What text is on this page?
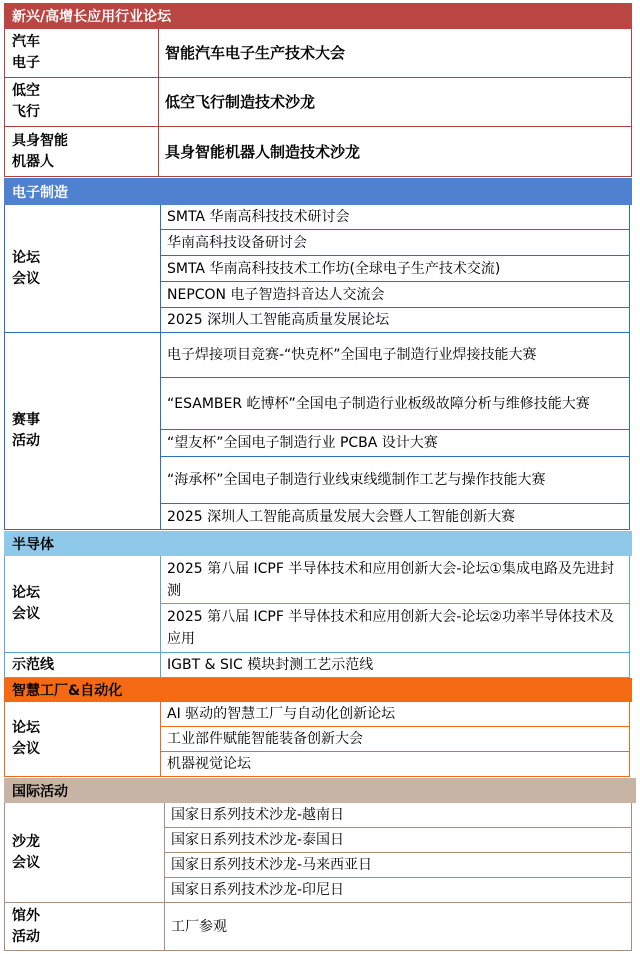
新兴/高增长应用行业论坛
汽车
电子
智能汽车电子生产技术大会
低空
飞行
低空飞行制造技术沙龙
具身智能
机器人
具身智能机器人制造技术沙龙
电子制造
论坛
会议
SMTA 华南高科技技术研讨会
华南高科技设备研讨会
SMTA 华南高科技技术工作坊(全球电子生产技术交流)
NEPCON 电子智造抖音达人交流会
2025 深圳人工智能高质量发展论坛
赛事
活动
电子焊接项目竞赛-“快克杯”全国电子制造行业焊接技能大赛
“ESAMBER 屹博杯”全国电子制造行业板级故障分析与维修技能大赛
“望友杯”全国电子制造行业 PCBA 设计大赛
“海承杯”全国电子制造行业线束线缆制作工艺与操作技能大赛
2025 深圳人工智能高质量发展大会暨人工智能创新大赛
半导体
论坛
会议
2025 第八届 ICPF 半导体技术和应用创新大会-论坛①集成电路及先进封测
2025 第八届 ICPF 半导体技术和应用创新大会-论坛②功率半导体技术及应用
示范线	IGBT & SIC 模块封测工艺示范线
智慧工厂&自动化
论坛
会议
AI 驱动的智慧工厂与自动化创新论坛
工业部件赋能智能装备创新大会
机器视觉论坛
国际活动
沙龙
会议
国家日系列技术沙龙-越南日
国家日系列技术沙龙-泰国日
国家日系列技术沙龙-马来西亚日
国家日系列技术沙龙-印尼日
馆外
活动
工厂参观
